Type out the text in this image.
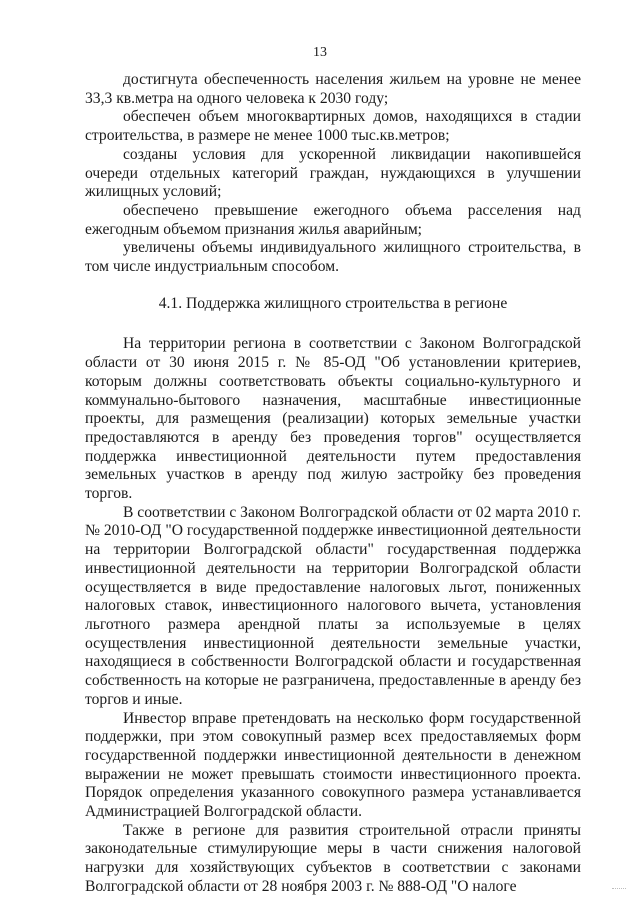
13

достигнута обеспеченность населения жильем на уровне не менее 33,3 кв.метра на одного человека к 2030 году;

обеспечен объем многоквартирных домов, находящихся в стадии строительства, в размере не менее 1000 тыс.кв.метров;

созданы условия для ускоренной ликвидации накопившейся очереди отдельных категорий граждан, нуждающихся в улучшении жилищных условий;

обеспечено превышение ежегодного объема расселения над ежегодным объемом признания жилья аварийным;

увеличены объемы индивидуального жилищного строительства, в том числе индустриальным способом.

4.1. Поддержка жилищного строительства в регионе

На территории региона в соответствии с Законом Волгоградской области от 30 июня 2015 г. № 85-ОД "Об установлении критериев, которым должны соответствовать объекты социально-культурного и коммунально-бытового назначения, масштабные инвестиционные проекты, для размещения (реализации) которых земельные участки предоставляются в аренду без проведения торгов" осуществляется поддержка инвестиционной деятельности путем предоставления земельных участков в аренду под жилую застройку без проведения торгов.

В соответствии с Законом Волгоградской области от 02 марта 2010 г. № 2010-ОД "О государственной поддержке инвестиционной деятельности на территории Волгоградской области" государственная поддержка инвестиционной деятельности на территории Волгоградской области осуществляется в виде предоставление налоговых льгот, пониженных налоговых ставок, инвестиционного налогового вычета, установления льготного размера арендной платы за используемые в целях осуществления инвестиционной деятельности земельные участки, находящиеся в собственности Волгоградской области и государственная собственность на которые не разграничена, предоставленные в аренду без торгов и иные.

Инвестор вправе претендовать на несколько форм государственной поддержки, при этом совокупный размер всех предоставляемых форм государственной поддержки инвестиционной деятельности в денежном выражении не может превышать стоимости инвестиционного проекта. Порядок определения указанного совокупного размера устанавливается Администрацией Волгоградской области.

Также в регионе для развития строительной отрасли приняты законодательные стимулирующие меры в части снижения налоговой нагрузки для хозяйствующих субъектов в соответствии с законами Волгоградской области от 28 ноября 2003 г. № 888-ОД "О налоге
